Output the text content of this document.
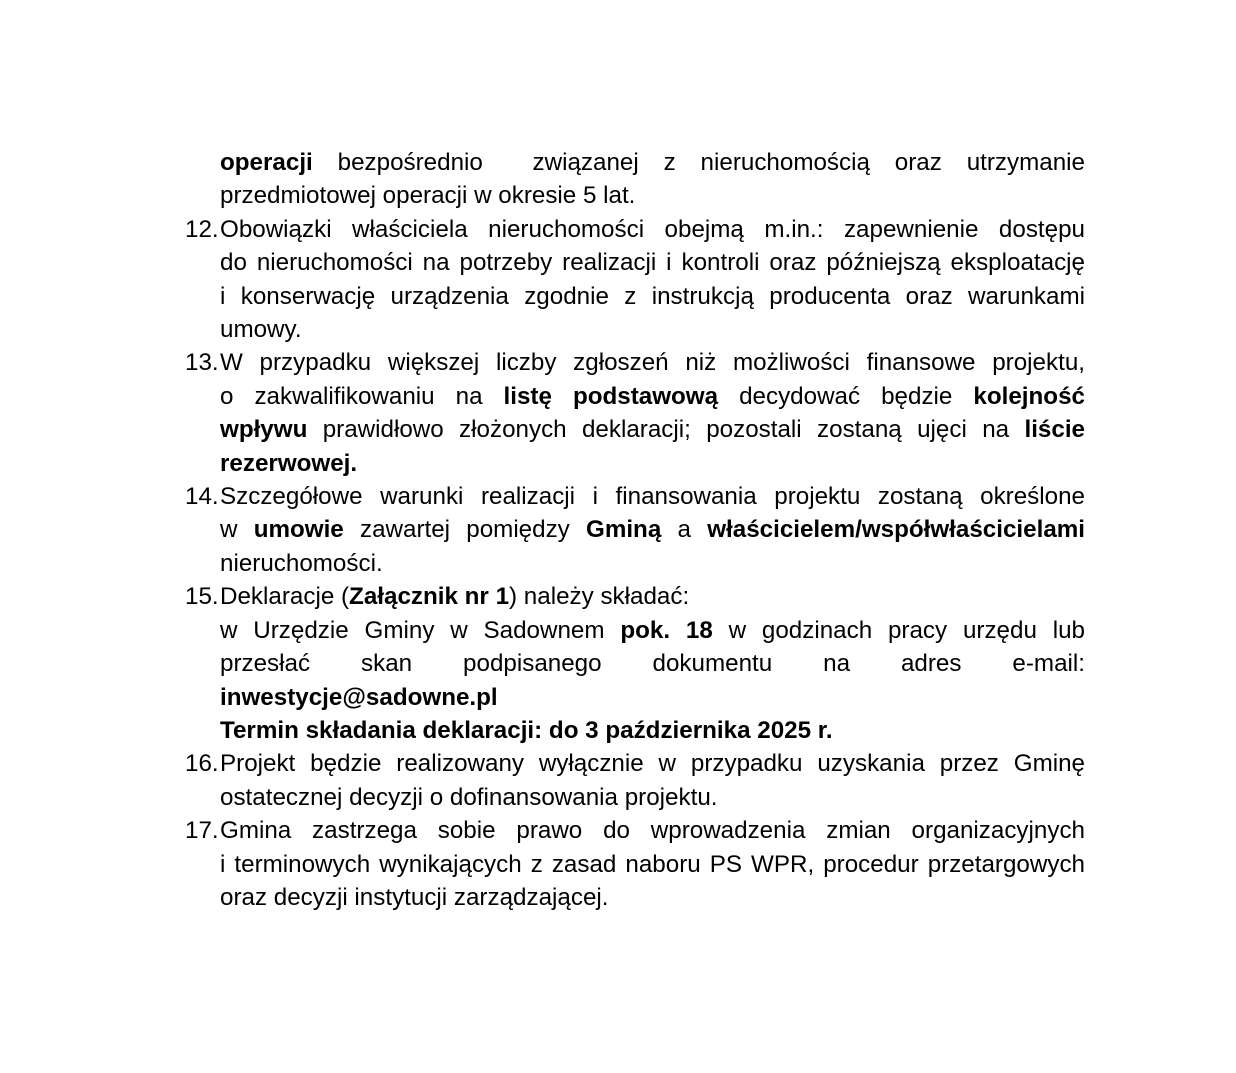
operacji bezpośrednio  związanej z nieruchomością oraz utrzymanie
przedmiotowej operacji w okresie 5 lat.
12. Obowiązki właściciela nieruchomości obejmą m.in.: zapewnienie dostępu
do nieruchomości na potrzeby realizacji i kontroli oraz późniejszą eksploatację
i konserwację urządzenia zgodnie z instrukcją producenta oraz warunkami
umowy.
13. W przypadku większej liczby zgłoszeń niż możliwości finansowe projektu,
o zakwalifikowaniu na listę podstawową decydować będzie kolejność
wpływu prawidłowo złożonych deklaracji; pozostali zostaną ujęci na liście
rezerwowej.
14. Szczegółowe warunki realizacji i finansowania projektu zostaną określone
w umowie zawartej pomiędzy Gminą a właścicielem/współwłaścicielami
nieruchomości.
15. Deklaracje (Załącznik nr 1) należy składać:
w Urzędzie Gminy w Sadownem pok. 18 w godzinach pracy urzędu lub
przesłać skan podpisanego dokumentu na adres e-mail:
inwestycje@sadowne.pl
Termin składania deklaracji: do 3 października 2025 r.
16. Projekt będzie realizowany wyłącznie w przypadku uzyskania przez Gminę
ostatecznej decyzji o dofinansowania projektu.
17. Gmina zastrzega sobie prawo do wprowadzenia zmian organizacyjnych
i terminowych wynikających z zasad naboru PS WPR, procedur przetargowych
oraz decyzji instytucji zarządzającej.
